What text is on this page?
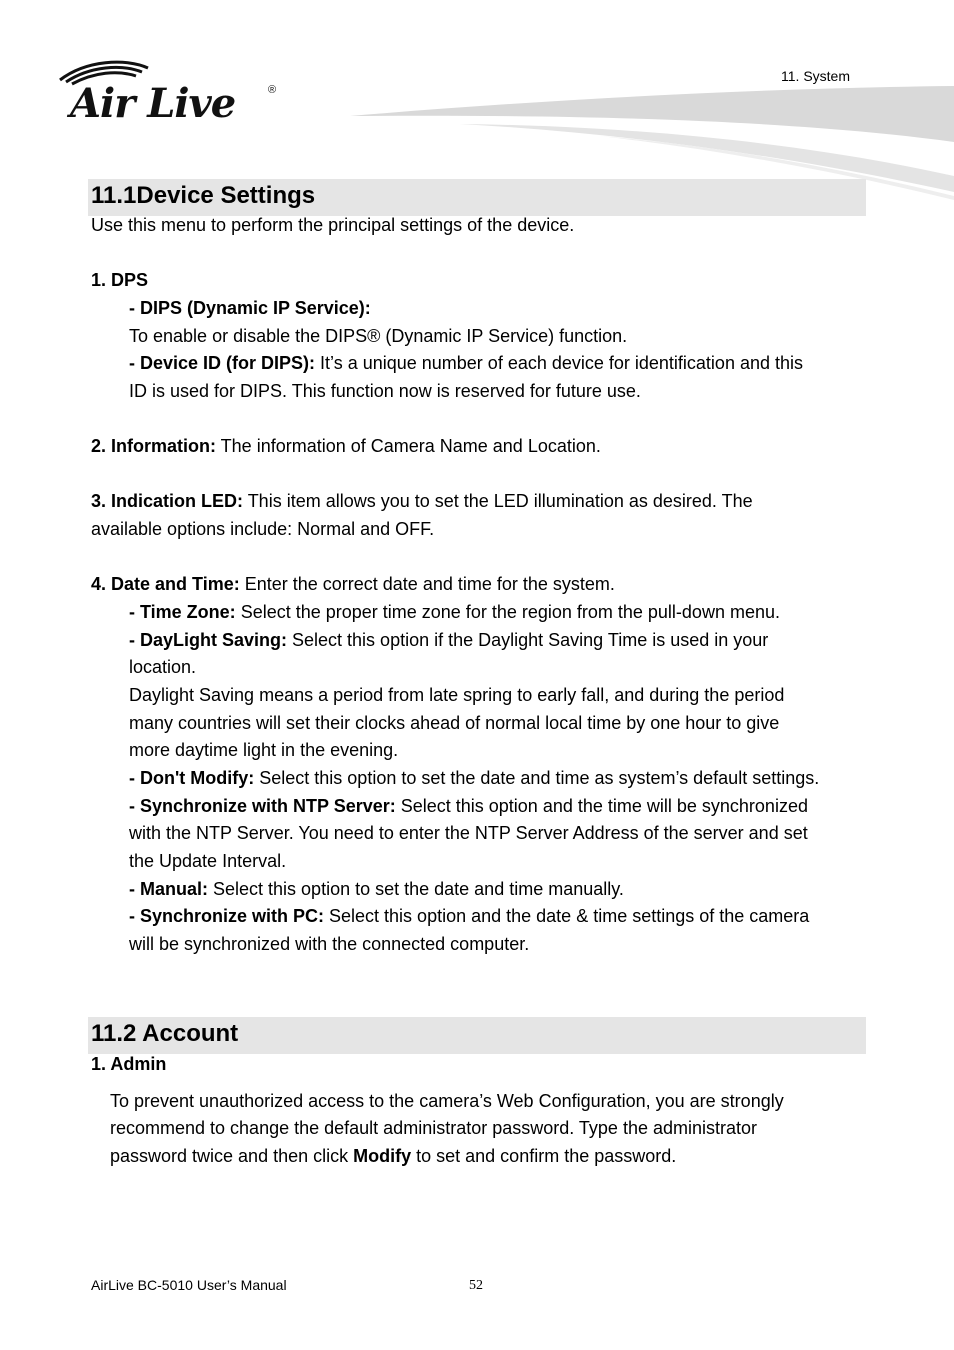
Air Live	®
11. System
11.1Device Settings
Use this menu to perform the principal settings of the device.
1. DPS
- DIPS (Dynamic IP Service):
To enable or disable the DIPS® (Dynamic IP Service) function.
- Device ID (for DIPS): It’s a unique number of each device for identification and this
ID is used for DIPS. This function now is reserved for future use.
2. Information: The information of Camera Name and Location.
3. Indication LED: This item allows you to set the LED illumination as desired. The
available options include: Normal and OFF.
4. Date and Time: Enter the correct date and time for the system.
- Time Zone: Select the proper time zone for the region from the pull-down menu.
- DayLight Saving: Select this option if the Daylight Saving Time is used in your
location.
Daylight Saving means a period from late spring to early fall, and during the period
many countries will set their clocks ahead of normal local time by one hour to give
more daytime light in the evening.
- Don't Modify: Select this option to set the date and time as system’s default settings.
- Synchronize with NTP Server: Select this option and the time will be synchronized
with the NTP Server. You need to enter the NTP Server Address of the server and set
the Update Interval.
- Manual: Select this option to set the date and time manually.
- Synchronize with PC: Select this option and the date & time settings of the camera
will be synchronized with the connected computer.
11.2 Account
1. Admin
To prevent unauthorized access to the camera’s Web Configuration, you are strongly
recommend to change the default administrator password. Type the administrator
password twice and then click Modify to set and confirm the password.
AirLive BC-5010 User’s Manual	52
